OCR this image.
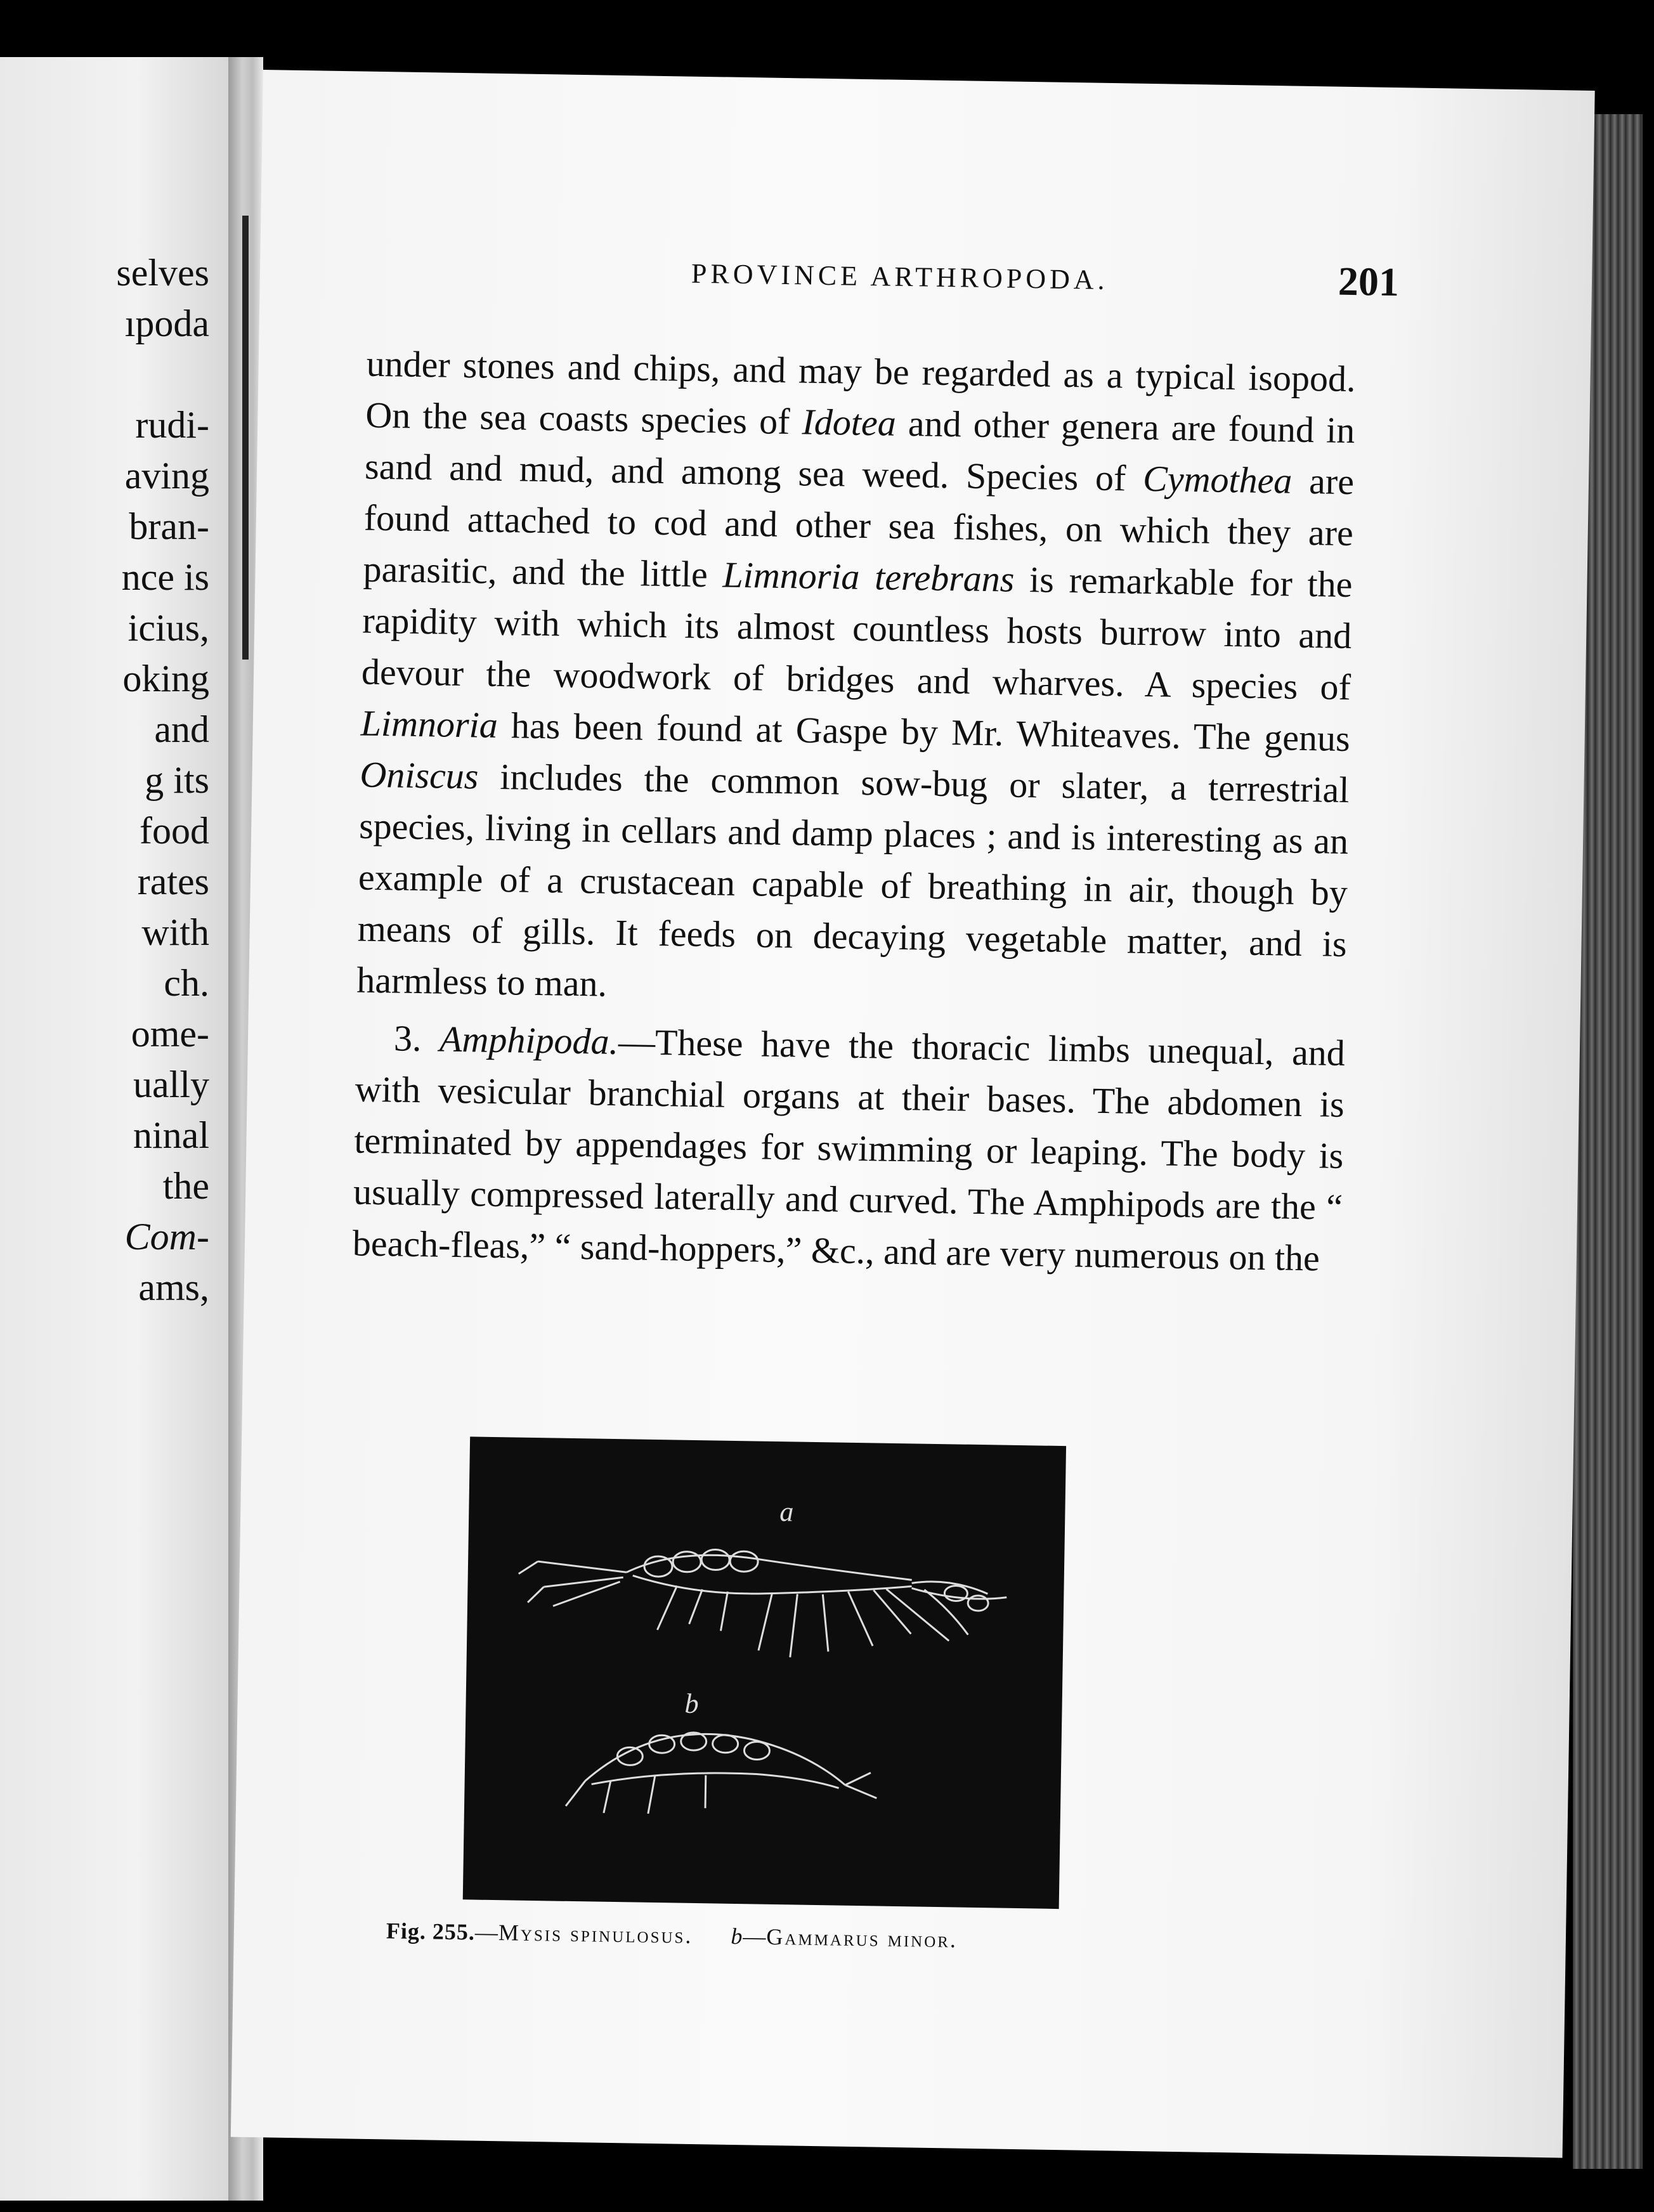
selves
ıpoda
rudi-
aving
bran-
nce is
icius,
oking
and
g its
food
rates
with
ch.
ome-
ually
ninal
the
Com-
ams,
PROVINCE ARTHROPODA.	201

under stones and chips, and may be regarded as a typical isopod. On the sea coasts species of Idotea and other genera are found in sand and mud, and among sea weed. Species of Cymothea are found attached to cod and other sea fishes, on which they are parasitic, and the little Limnoria terebrans is remarkable for the rapidity with which its almost countless hosts burrow into and devour the woodwork of bridges and wharves. A species of Limnoria has been found at Gaspe by Mr. Whiteaves. The genus Oniscus includes the common sow-bug or slater, a terrestrial species, living in cellars and damp places ; and is interesting as an example of a crustacean capable of breathing in air, though by means of gills. It feeds on decaying vegetable matter, and is harmless to man.

3. Amphipoda.—These have the thoracic limbs unequal, and with vesicular branchial organs at their bases. The abdomen is terminated by appendages for swimming or leaping. The body is usually compressed laterally and curved. The Amphipods are the “ beach-fleas,” “ sand-hoppers,” &c., and are very numerous on the

a
b
Fig. 255.—Mysis spinulosus. b—Gammarus minor.
